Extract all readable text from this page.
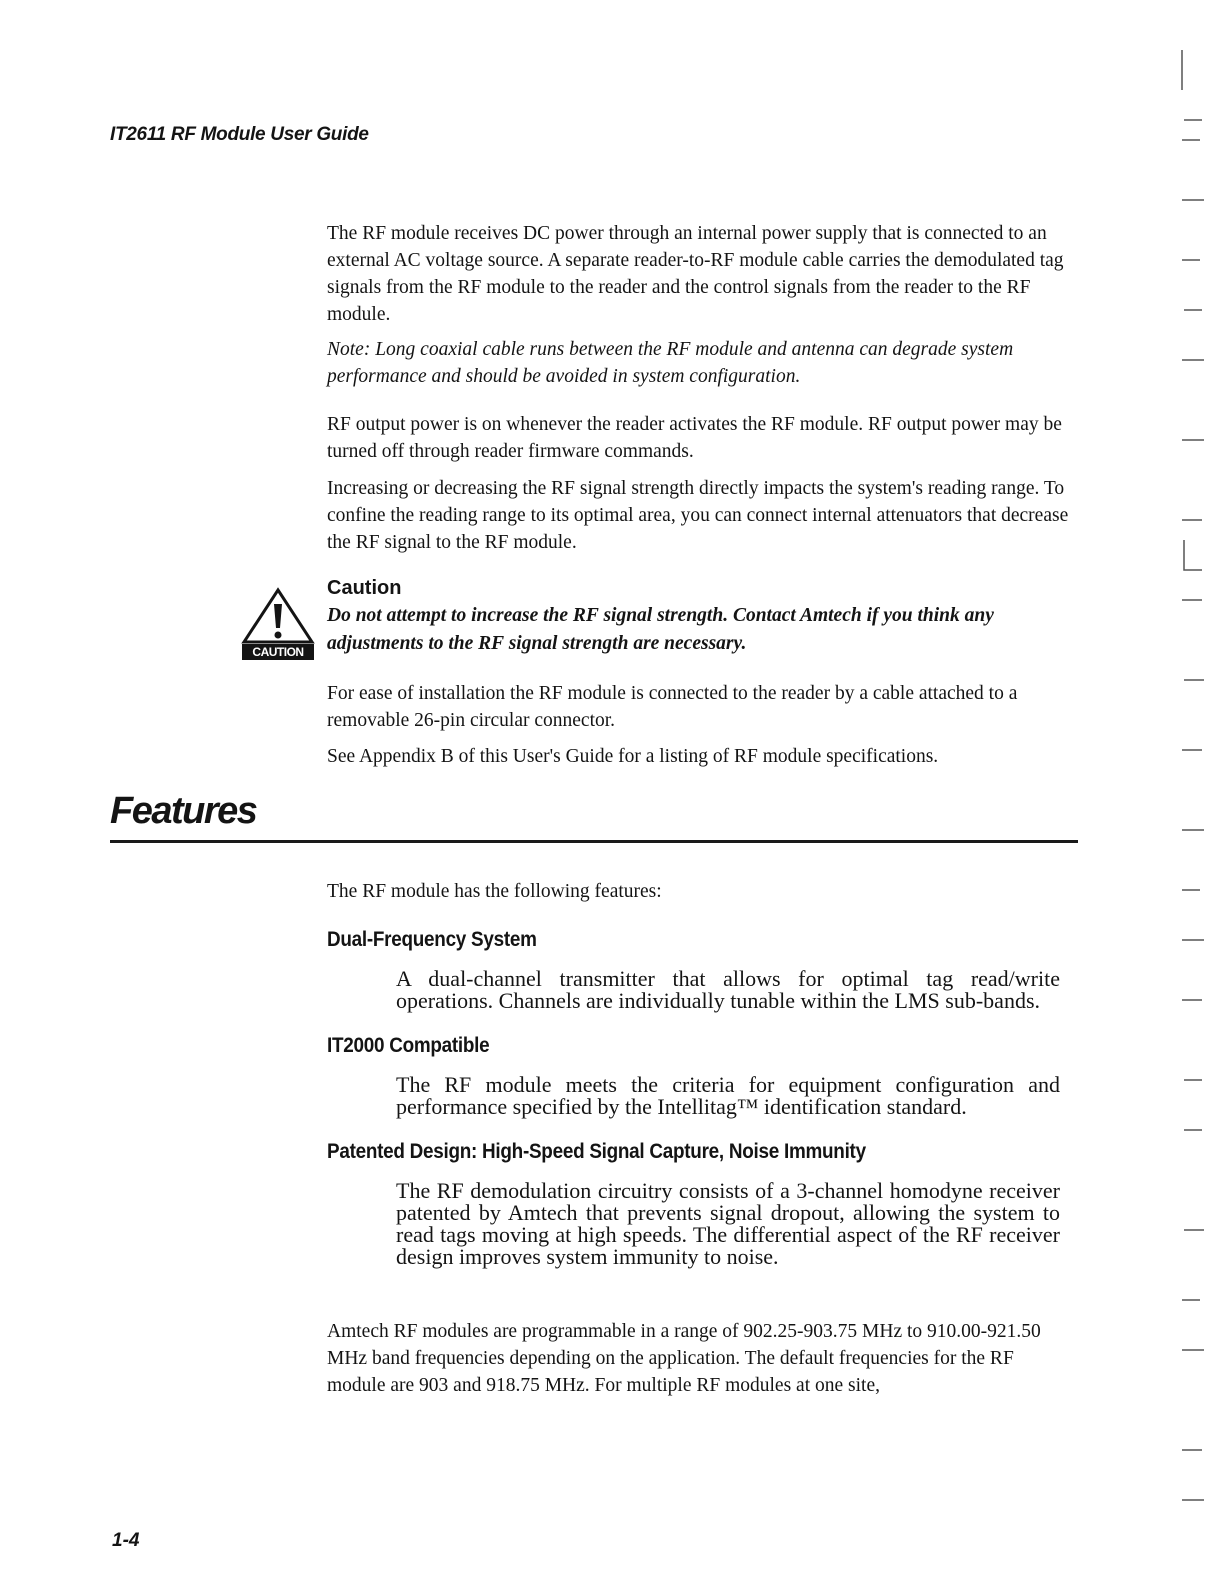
IT2611 RF Module User Guide

The RF module receives DC power through an internal power supply that is connected to an external AC voltage source. A separate reader-to-RF module cable carries the demodulated tag signals from the RF module to the reader and the control signals from the reader to the RF module.

Note: Long coaxial cable runs between the RF module and antenna can degrade system performance and should be avoided in system configuration.

RF output power is on whenever the reader activates the RF module. RF output power may be turned off through reader firmware commands.

Increasing or decreasing the RF signal strength directly impacts the system's reading range. To confine the reading range to its optimal area, you can connect internal attenuators that decrease the RF signal to the RF module.

CAUTION
Caution

Do not attempt to increase the RF signal strength. Contact Amtech if you think any adjustments to the RF signal strength are necessary.

For ease of installation the RF module is connected to the reader by a cable attached to a removable 26-pin circular connector.

See Appendix B of this User's Guide for a listing of RF module specifications.

Features

The RF module has the following features:

Dual-Frequency System

A dual-channel transmitter that allows for optimal tag read/write operations. Channels are individually tunable within the LMS sub-bands.

IT2000 Compatible

The RF module meets the criteria for equipment configuration and performance specified by the Intellitag™ identification standard.

Patented Design: High-Speed Signal Capture, Noise Immunity

The RF demodulation circuitry consists of a 3-channel homodyne receiver patented by Amtech that prevents signal dropout, allowing the system to read tags moving at high speeds. The differential aspect of the RF receiver design improves system immunity to noise.

Amtech RF modules are programmable in a range of 902.25-903.75 MHz to 910.00-921.50 MHz band frequencies depending on the application. The default frequencies for the RF module are 903 and 918.75 MHz. For multiple RF modules at one site,

1-4
